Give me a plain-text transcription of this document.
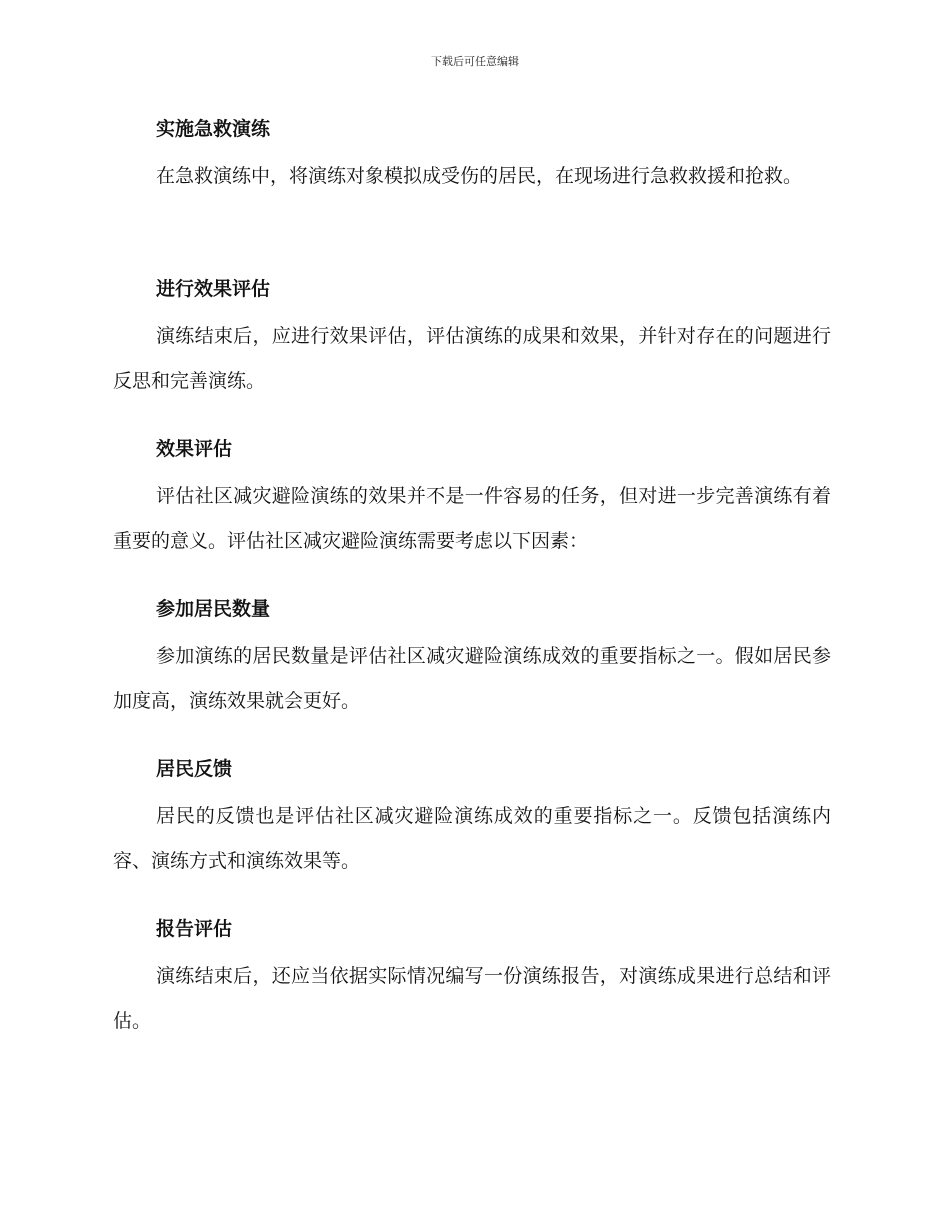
下载后可任意编辑
实施急救演练

在急救演练中，将演练对象模拟成受伤的居民，在现场进行急救救援和抢救。

进行效果评估

演练结束后，应进行效果评估，评估演练的成果和效果，并针对存在的问题进行反思和完善演练。

效果评估

评估社区减灾避险演练的效果并不是一件容易的任务，但对进一步完善演练有着重要的意义。评估社区减灾避险演练需要考虑以下因素：

参加居民数量

参加演练的居民数量是评估社区减灾避险演练成效的重要指标之一。假如居民参加度高，演练效果就会更好。

居民反馈

居民的反馈也是评估社区减灾避险演练成效的重要指标之一。反馈包括演练内容、演练方式和演练效果等。

报告评估

演练结束后，还应当依据实际情况编写一份演练报告，对演练成果进行总结和评估。
